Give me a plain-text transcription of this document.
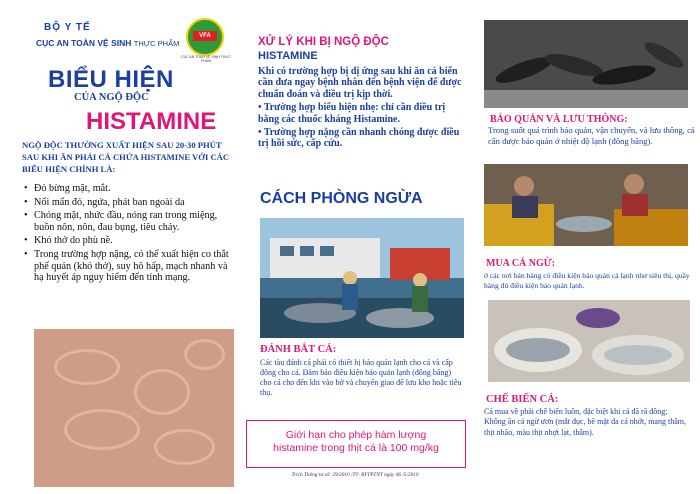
BỘ Y TẾ
CỤC AN TOÀN VỆ SINH THỰC PHẨM
VFA
CỤC AN TOÀN VỆ SINH THỰC PHẨM
BIỂU HIỆN
CỦA NGỘ ĐỘC
HISTAMINE
NGỘ ĐỘC THƯỜNG XUẤT HIỆN SAU 20-30 PHÚT SAU KHI ĂN PHẢI CÁ CHỨA HISTAMINE VỚI CÁC BIỂU HIỆN CHÍNH LÀ:
• Đỏ bừng mặt, mắt.
• Nổi mẩn đỏ, ngứa, phát ban ngoài da
• Chóng mặt, nhức đầu, nóng ran trong miệng, buồn nôn, nôn, đau bụng, tiêu chảy.
• Khó thở do phù nề.
• Trong trường hợp nặng, có thể xuất hiện co thắt phế quản (khó thở), suy hô hấp, mạch nhanh và hạ huyết áp nguy hiểm đến tính mạng.
XỬ LÝ KHI BỊ NGỘ ĐỘC
HISTAMINE

Khi có trường hợp bị dị ứng sau khi ăn cá biển cần đưa ngay bệnh nhân đến bệnh viện để được chuẩn đoán và điều trị kịp thời.

• Trường hợp biểu hiện nhẹ: chỉ cần điều trị bằng các thuốc kháng Histamine.

• Trường hợp nặng cần nhanh chóng được điều trị hồi sức, cấp cứu.

CÁCH PHÒNG NGỪA
ĐÁNH BẮT CÁ:
Các tàu đánh cá phải có thiết bị bảo quản lạnh cho cá và cấp đông cho cá. Đảm bảo điều kiện bảo quản lạnh (đông băng) cho cá cho đến khi vào bờ và chuyển giao để lưu kho hoặc tiêu thụ.
Giới hạn cho phép hàm lượng
histamine trong thịt cá là 100 mg/kg
Trích Thông tư số: 29/2010 /TT- BYTPTNT ngày 06 /5/2010
BẢO QUẢN VÀ LƯU THÔNG:
Trong suốt quá trình bảo quản, vận chuyển, và lưu thông, cá cần được bảo quản ở nhiệt độ lạnh (đông băng).
MUA CÁ NGỪ:
ở các nơi bán hàng có điều kiện bảo quản cá lạnh như siêu thị, quầy hàng đủ điều kiện bảo quản lạnh.
CHẾ BIẾN CÁ:
Cá mua về phải chế biến luôn, đặc biệt khi cá đã rã đông;
Không ăn cá ngừ ươn (mắt đục, bề mặt da cá nhớt, mang thâm, thịt nhão, màu thịt nhợt lạt, thâm).
